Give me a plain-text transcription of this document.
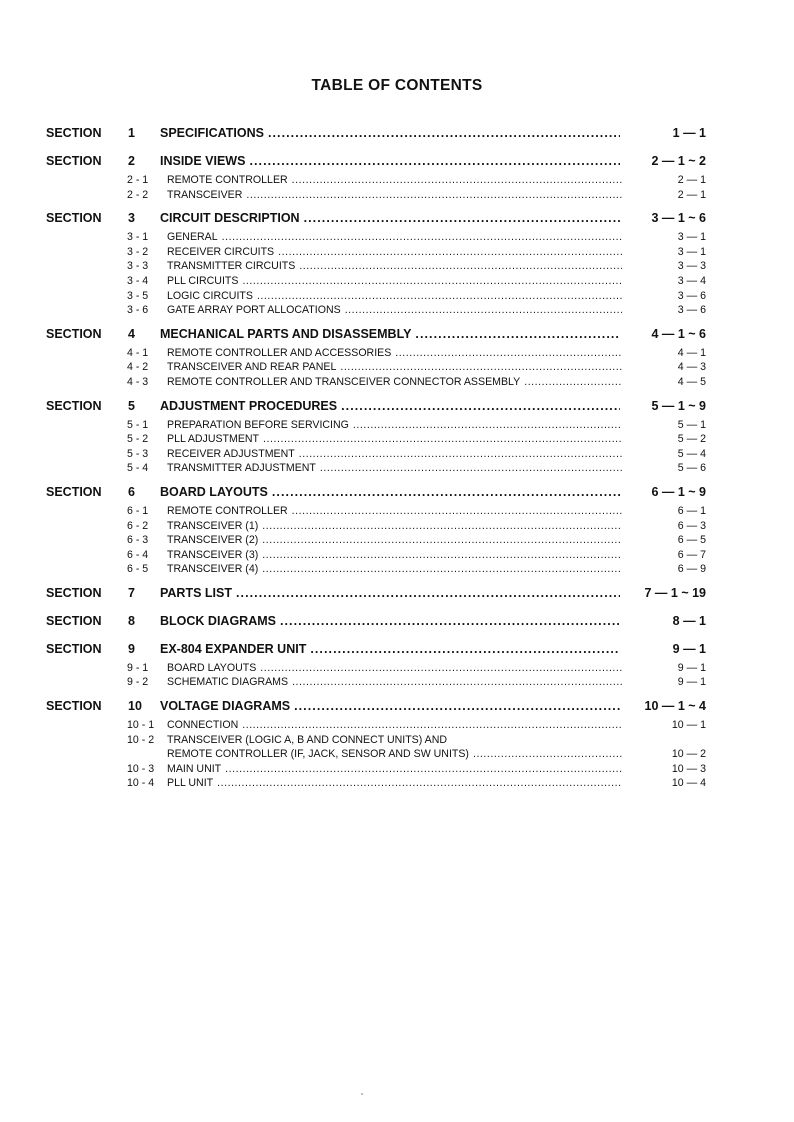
TABLE OF CONTENTS
SECTION	1	SPECIFICATIONS . . .	1 — 1
SECTION	2	INSIDE VIEWS . . .	2 — 1 ~ 2
2 - 1	REMOTE CONTROLLER . . .	2 — 1
2 - 2	TRANSCEIVER . . .	2 — 1
SECTION	3	CIRCUIT DESCRIPTION . . .	3 — 1 ~ 6
3 - 1	GENERAL . . .	3 — 1
3 - 2	RECEIVER CIRCUITS . . .	3 — 1
3 - 3	TRANSMITTER CIRCUITS . . .	3 — 3
3 - 4	PLL CIRCUITS . . .	3 — 4
3 - 5	LOGIC CIRCUITS . . .	3 — 6
3 - 6	GATE ARRAY PORT ALLOCATIONS . . .	3 — 6
SECTION	4	MECHANICAL PARTS AND DISASSEMBLY . . .	4 — 1 ~ 6
4 - 1	REMOTE CONTROLLER AND ACCESSORIES . . .	4 — 1
4 - 2	TRANSCEIVER AND REAR PANEL . . .	4 — 3
4 - 3	REMOTE CONTROLLER AND TRANSCEIVER CONNECTOR ASSEMBLY . . .	4 — 5
SECTION	5	ADJUSTMENT PROCEDURES . . .	5 — 1 ~ 9
5 - 1	PREPARATION BEFORE SERVICING . . .	5 — 1
5 - 2	PLL ADJUSTMENT . . .	5 — 2
5 - 3	RECEIVER ADJUSTMENT . . .	5 — 4
5 - 4	TRANSMITTER ADJUSTMENT . . .	5 — 6
SECTION	6	BOARD LAYOUTS . . .	6 — 1 ~ 9
6 - 1	REMOTE CONTROLLER . . .	6 — 1
6 - 2	TRANSCEIVER (1) . . .	6 — 3
6 - 3	TRANSCEIVER (2) . . .	6 — 5
6 - 4	TRANSCEIVER (3) . . .	6 — 7
6 - 5	TRANSCEIVER (4) . . .	6 — 9
SECTION	7	PARTS LIST . . .	7 — 1 ~ 19
SECTION	8	BLOCK DIAGRAMS . . .	8 — 1
SECTION	9	EX-804 EXPANDER UNIT . . .	9 — 1
9 - 1	BOARD LAYOUTS . . .	9 — 1
9 - 2	SCHEMATIC DIAGRAMS . . .	9 — 1
SECTION	10	VOLTAGE DIAGRAMS . . .	10 — 1 ~ 4
10 - 1	CONNECTION . . .	10 — 1
10 - 2	TRANSCEIVER (LOGIC A, B AND CONNECT UNITS) AND
REMOTE CONTROLLER (IF, JACK, SENSOR AND SW UNITS) . . .	10 — 2
10 - 3	MAIN UNIT . . .	10 — 3
10 - 4	PLL UNIT . . .	10 — 4
